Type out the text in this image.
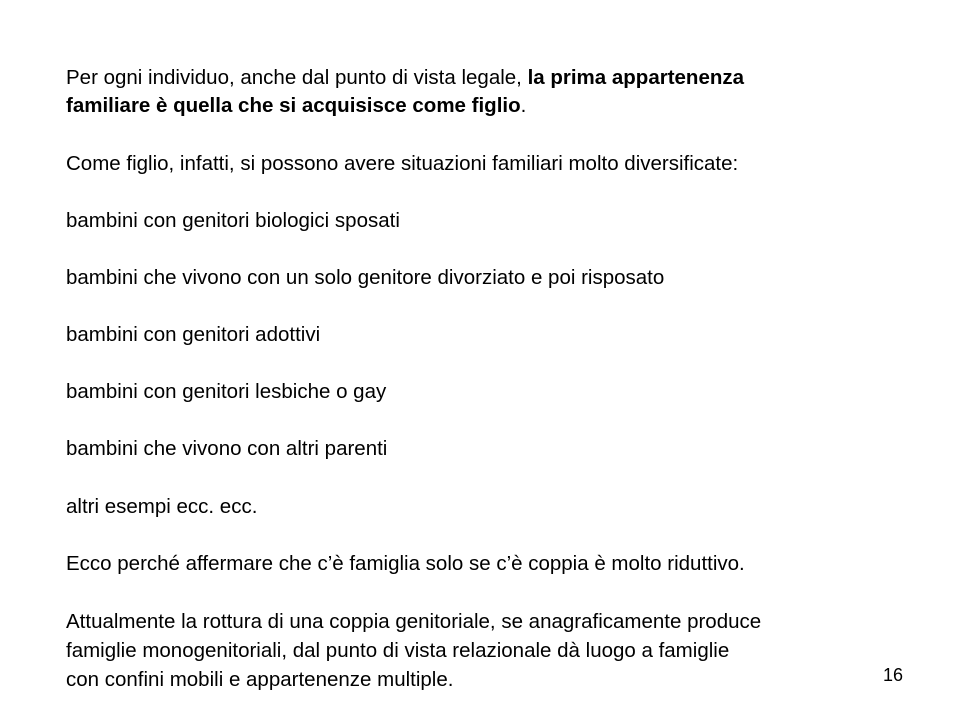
Per ogni individuo, anche dal punto di vista legale, la prima appartenenza

familiare è quella che si acquisisce come figlio.

Come figlio, infatti, si possono avere situazioni familiari molto diversificate:

bambini con genitori biologici sposati

bambini che vivono con un solo genitore divorziato e poi risposato

bambini con genitori adottivi

bambini con genitori lesbiche o gay

bambini che vivono con altri parenti

altri esempi ecc. ecc.

Ecco perché affermare che c’è famiglia solo se c’è coppia è molto riduttivo.

Attualmente la rottura di una coppia genitoriale, se anagraficamente produce

famiglie monogenitoriali, dal punto di vista relazionale dà luogo a famiglie

con confini mobili e appartenenze multiple.	16
